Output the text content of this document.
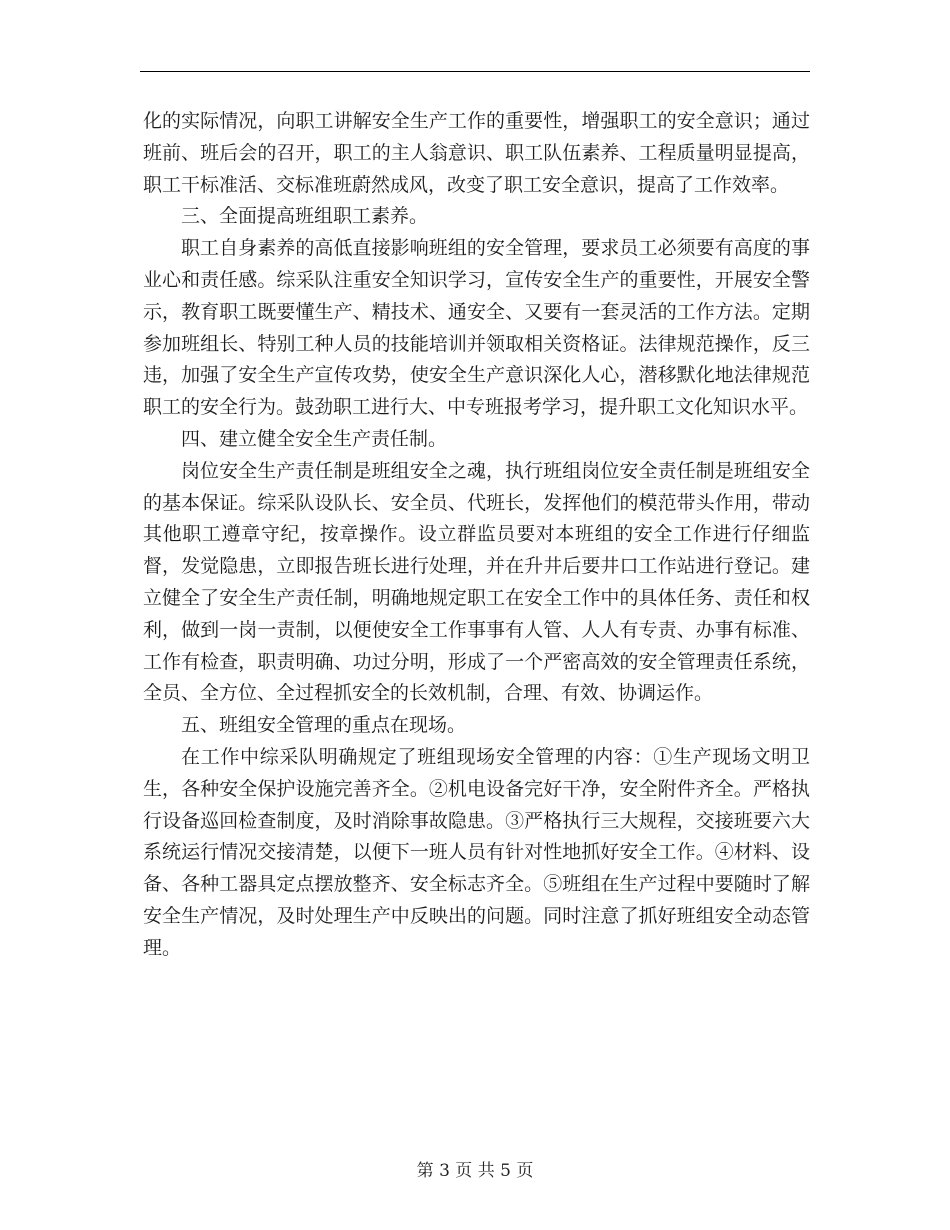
化的实际情况，向职工讲解安全生产工作的重要性，增强职工的安全意识；通过班前、班后会的召开，职工的主人翁意识、职工队伍素养、工程质量明显提高，职工干标准活、交标准班蔚然成风，改变了职工安全意识，提高了工作效率。

三、全面提高班组职工素养。

职工自身素养的高低直接影响班组的安全管理，要求员工必须要有高度的事业心和责任感。综采队注重安全知识学习，宣传安全生产的重要性，开展安全警示，教育职工既要懂生产、精技术、通安全、又要有一套灵活的工作方法。定期参加班组长、特别工种人员的技能培训并领取相关资格证。法律规范操作，反三违，加强了安全生产宣传攻势，使安全生产意识深化人心，潜移默化地法律规范职工的安全行为。鼓劲职工进行大、中专班报考学习，提升职工文化知识水平。

四、建立健全安全生产责任制。

岗位安全生产责任制是班组安全之魂，执行班组岗位安全责任制是班组安全的基本保证。综采队设队长、安全员、代班长，发挥他们的模范带头作用，带动其他职工遵章守纪，按章操作。设立群监员要对本班组的安全工作进行仔细监督，发觉隐患，立即报告班长进行处理，并在升井后要井口工作站进行登记。建立健全了安全生产责任制，明确地规定职工在安全工作中的具体任务、责任和权利，做到一岗一责制，以便使安全工作事事有人管、人人有专责、办事有标准、工作有检查，职责明确、功过分明，形成了一个严密高效的安全管理责任系统，全员、全方位、全过程抓安全的长效机制，合理、有效、协调运作。

五、班组安全管理的重点在现场。

在工作中综采队明确规定了班组现场安全管理的内容：①生产现场文明卫生，各种安全保护设施完善齐全。②机电设备完好干净，安全附件齐全。严格执行设备巡回检查制度，及时消除事故隐患。③严格执行三大规程，交接班要六大系统运行情况交接清楚，以便下一班人员有针对性地抓好安全工作。④材料、设备、各种工器具定点摆放整齐、安全标志齐全。⑤班组在生产过程中要随时了解安全生产情况，及时处理生产中反映出的问题。同时注意了抓好班组安全动态管理。

第 3 页 共 5 页
